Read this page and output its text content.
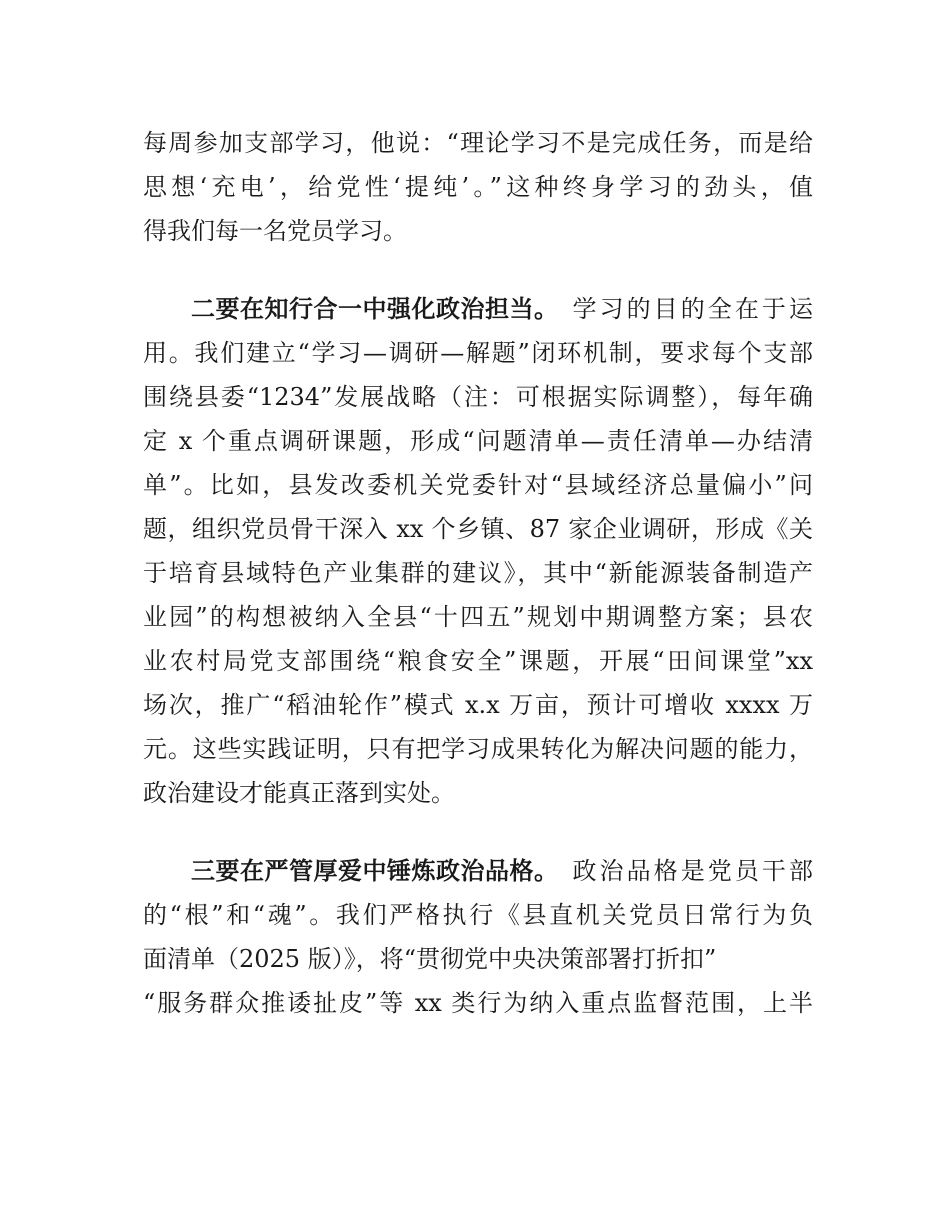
每周参加支部学习，他说：“理论学习不是完成任务，而是给
思想‘充电’，给党性‘提纯’。”这种终身学习的劲头，值
得我们每一名党员学习。
二要在知行合一中强化政治担当。 学习的目的全在于运
用。我们建立“学习—调研—解题”闭环机制，要求每个支部
围绕县委“1234”发展战略（注：可根据实际调整），每年确
定 x 个重点调研课题，形成“问题清单—责任清单—办结清
单”。比如，县发改委机关党委针对“县域经济总量偏小”问
题，组织党员骨干深入 xx 个乡镇、87 家企业调研，形成《关
于培育县域特色产业集群的建议》，其中“新能源装备制造产
业园”的构想被纳入全县“十四五”规划中期调整方案；县农
业农村局党支部围绕“粮食安全”课题，开展“田间课堂”xx
场次，推广“稻油轮作”模式 x.x 万亩，预计可增收 xxxx 万
元。这些实践证明，只有把学习成果转化为解决问题的能力，
政治建设才能真正落到实处。
三要在严管厚爱中锤炼政治品格。 政治品格是党员干部
的“根”和“魂”。我们严格执行《县直机关党员日常行为负
面清单（2025 版）》，将“贯彻党中央决策部署打折扣”
“服务群众推诿扯皮”等 xx 类行为纳入重点监督范围，上半
